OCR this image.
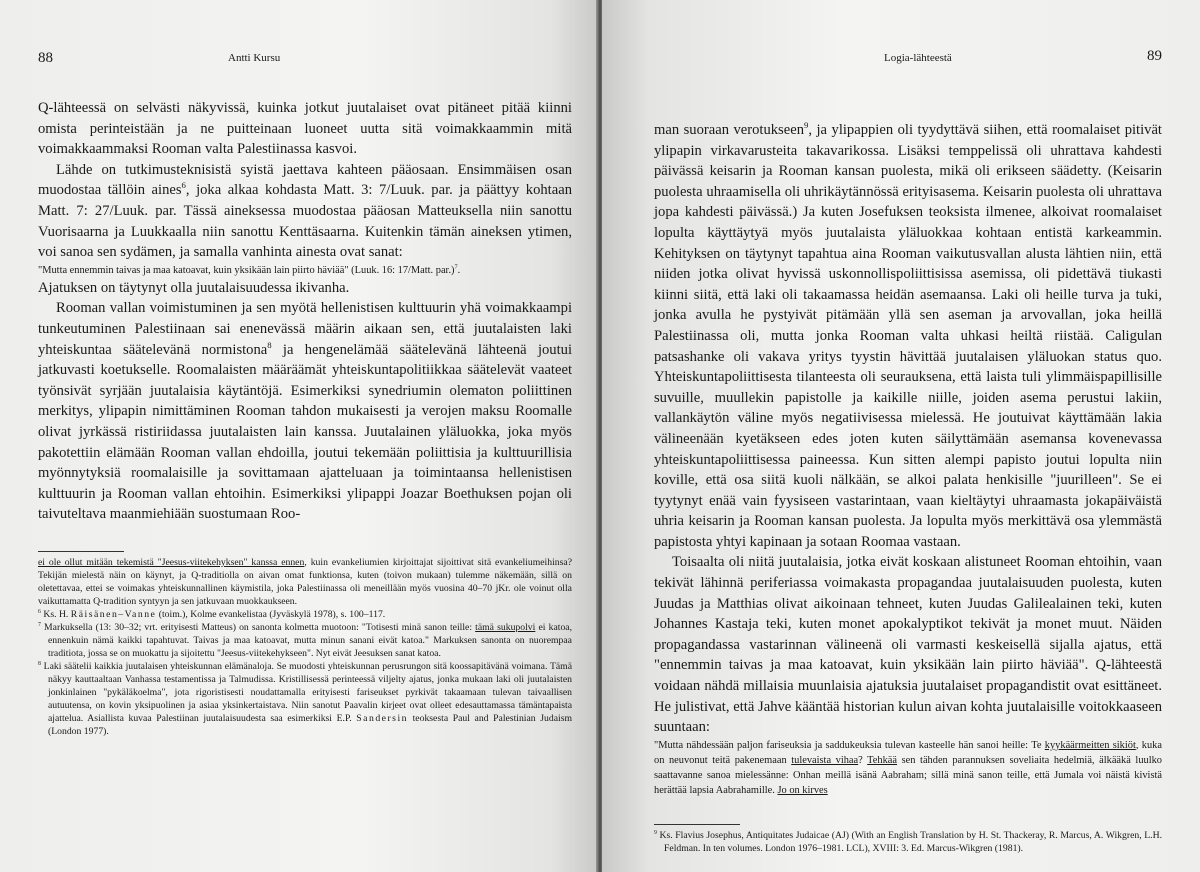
88	Antti Kursu

Q-lähteessä on selvästi näkyvissä, kuinka jotkut juutalaiset ovat pitäneet pitää kiinni omista perinteistään ja ne puitteinaan luoneet uutta sitä voimakkaammin mitä voimakkaammaksi Rooman valta Palestiinassa kasvoi.

Lähde on tutkimusteknisistä syistä jaettava kahteen pääosaan. Ensimmäisen osan muodostaa tällöin aines$^6$, joka alkaa kohdasta Matt. 3: 7/Luuk. par. ja päättyy kohtaan Matt. 7: 27/Luuk. par. Tässä aineksessa muodostaa pääosan Matteuksella niin sanottu Vuorisaarna ja Luukkaalla niin sanottu Kenttäsaarna. Kuitenkin tämän aineksen ytimen, voi sanoa sen sydämen, ja samalla vanhinta ainesta ovat sanat:

"Mutta ennemmin taivas ja maa katoavat, kuin yksikään lain piirto häviää" (Luuk. 16: 17/Matt. par.)$^7$.

Ajatuksen on täytynyt olla juutalaisuudessa ikivanha.

Rooman vallan voimistuminen ja sen myötä hellenistisen kulttuurin yhä voimakkaampi tunkeutuminen Palestiinaan sai enenevässä määrin aikaan sen, että juutalaisten laki yhteiskuntaa säätelevänä normistona$^8$ ja hengenelämää säätelevänä lähteenä joutui jatkuvasti koetukselle. Roomalaisten määräämät yhteiskuntapolitiikkaa säätelevät vaateet työnsivät syrjään juutalaisia käytäntöjä. Esimerkiksi synedriumin olematon poliittinen merkitys, ylipapin nimittäminen Rooman tahdon mukaisesti ja verojen maksu Roomalle olivat jyrkässä ristiriidassa juutalaisten lain kanssa. Juutalainen yläluokka, joka myös pakotettiin elämään Rooman vallan ehdoilla, joutui tekemään poliittisia ja kulttuurillisia myönnytyksiä roomalaisille ja sovittamaan ajatteluaan ja toimintaansa hellenistisen kulttuurin ja Rooman vallan ehtoihin. Esimerkiksi ylipappi Joazar Boethuksen pojan oli taivuteltava maanmiehiään suostumaan Roo-

ei ole ollut mitään tekemistä "Jeesus-viitekehyksen" kanssa ennen, kuin evankeliumien kirjoittajat sijoittivat sitä evankeliumeihinsa? Tekijän mielestä näin on käynyt, ja Q-traditiolla on aivan omat funktionsa, kuten (toivon mukaan) tulemme näkemään, sillä on oletettavaa, ettei se voimakas yhteiskunnallinen käymistila, joka Palestiinassa oli meneillään myös vuosina 40–70 jKr. ole voinut olla vaikuttamatta Q-tradition syntyyn ja sen jatkuvaan muokkaukseen.

$^6$ Ks. H. Räisänen–Vanne (toim.), Kolme evankelistaa (Jyväskylä 1978), s. 100–117.

$^7$ Markuksella (13: 30–32; vrt. erityisesti Matteus) on sanonta kolmetta muotoon: "Totisesti minä sanon teille: tämä sukupolvi ei katoa, ennenkuin nämä kaikki tapahtuvat. Taivas ja maa katoavat, mutta minun sanani eivät katoa." Markuksen sanonta on nuorempaa traditiota, jossa se on muokattu ja sijoitettu "Jeesus-viitekehykseen". Nyt eivät Jeesuksen sanat katoa.

$^8$ Laki säätelii kaikkia juutalaisen yhteiskunnan elämänaloja. Se muodosti yhteiskunnan perusrungon sitä koossapitävänä voimana. Tämä näkyy kauttaaltaan Vanhassa testamentissa ja Talmudissa. Kristillisessä perinteessä viljelty ajatus, jonka mukaan laki oli juutalaisten jonkinlainen "pykäläkoelma", jota rigoristisesti noudattamalla erityisesti fariseukset pyrkivät takaamaan tulevan taivaallisen autuutensa, on kovin yksipuolinen ja asiaa yksinkertaistava. Niin sanotut Paavalin kirjeet ovat olleet edesauttamassa tämäntapaista ajattelua. Asiallista kuvaa Palestiinan juutalaisuudesta saa esimerkiksi E.P. Sandersin teoksesta Paul and Palestinian Judaism (London 1977).

Logia-lähteestä	89

man suoraan verotukseen$^9$, ja ylipappien oli tyydyttävä siihen, että roomalaiset pitivät ylipapin virkavarusteita takavarikossa. Lisäksi temppelissä oli uhrattava kahdesti päivässä keisarin ja Rooman kansan puolesta, mikä oli erikseen säädetty. (Keisarin puolesta uhraamisella oli uhrikäytännössä erityisasema. Keisarin puolesta oli uhrattava jopa kahdesti päivässä.) Ja kuten Josefuksen teoksista ilmenee, alkoivat roomalaiset lopulta käyttäytyä myös juutalaista yläluokkaa kohtaan entistä karkeammin. Kehityksen on täytynyt tapahtua aina Rooman vaikutusvallan alusta lähtien niin, että niiden jotka olivat hyvissä uskonnollispoliittisissa asemissa, oli pidettävä tiukasti kiinni siitä, että laki oli takaamassa heidän asemaansa. Laki oli heille turva ja tuki, jonka avulla he pystyivät pitämään yllä sen aseman ja arvovallan, joka heillä Palestiinassa oli, mutta jonka Rooman valta uhkasi heiltä riistää. Caligulan patsashanke oli vakava yritys tyystin hävittää juutalaisen yläluokan status quo. Yhteiskuntapoliittisesta tilanteesta oli seurauksena, että laista tuli ylimmäispapillisille suvuille, muullekin papistolle ja kaikille niille, joiden asema perustui lakiin, vallankäytön väline myös negatiivisessa mielessä. He joutuivat käyttämään lakia välineenään kyetäkseen edes joten kuten säilyttämään asemansa kovenevassa yhteiskuntapoliittisessa paineessa. Kun sitten alempi papisto joutui lopulta niin koville, että osa siitä kuoli nälkään, se alkoi palata henkisille "juurilleen". Se ei tyytynyt enää vain fyysiseen vastarintaan, vaan kieltäytyi uhraamasta jokapäiväistä uhria keisarin ja Rooman kansan puolesta. Ja lopulta myös merkittävä osa ylemmästä papistosta yhtyi kapinaan ja sotaan Roomaa vastaan.

Toisaalta oli niitä juutalaisia, jotka eivät koskaan alistuneet Rooman ehtoihin, vaan tekivät lähinnä periferiassa voimakasta propagandaa juutalaisuuden puolesta, kuten Juudas ja Matthias olivat aikoinaan tehneet, kuten Juudas Galilealainen teki, kuten Johannes Kastaja teki, kuten monet apokalyptikot tekivät ja monet muut. Näiden propagandassa vastarinnan välineenä oli varmasti keskeisellä sijalla ajatus, että "ennemmin taivas ja maa katoavat, kuin yksikään lain piirto häviää". Q-lähteestä voidaan nähdä millaisia muunlaisia ajatuksia juutalaiset propagandistit ovat esittäneet. He julistivat, että Jahve kääntää historian kulun aivan kohta juutalaisille voitokkaaseen suuntaan:

"Mutta nähdessään paljon fariseuksia ja saddukeuksia tulevan kasteelle hän sanoi heille: Te kyykäärmeitten sikiöt, kuka on neuvonut teitä pakenemaan tulevaista vihaa? Tehkää sen tähden parannuksen soveliaita hedelmiä, älkääkä luulko saattavanne sanoa mielessänne: Onhan meillä isänä Aabraham; sillä minä sanon teille, että Jumala voi näistä kivistä herättää lapsia Aabrahamille. Jo on kirves

$^9$ Ks. Flavius Josephus, Antiquitates Judaicae (AJ) (With an English Translation by H. St. Thackeray, R. Marcus, A. Wikgren, L.H. Feldman. In ten volumes. London 1976–1981. LCL), XVIII: 3. Ed. Marcus-Wikgren (1981).
